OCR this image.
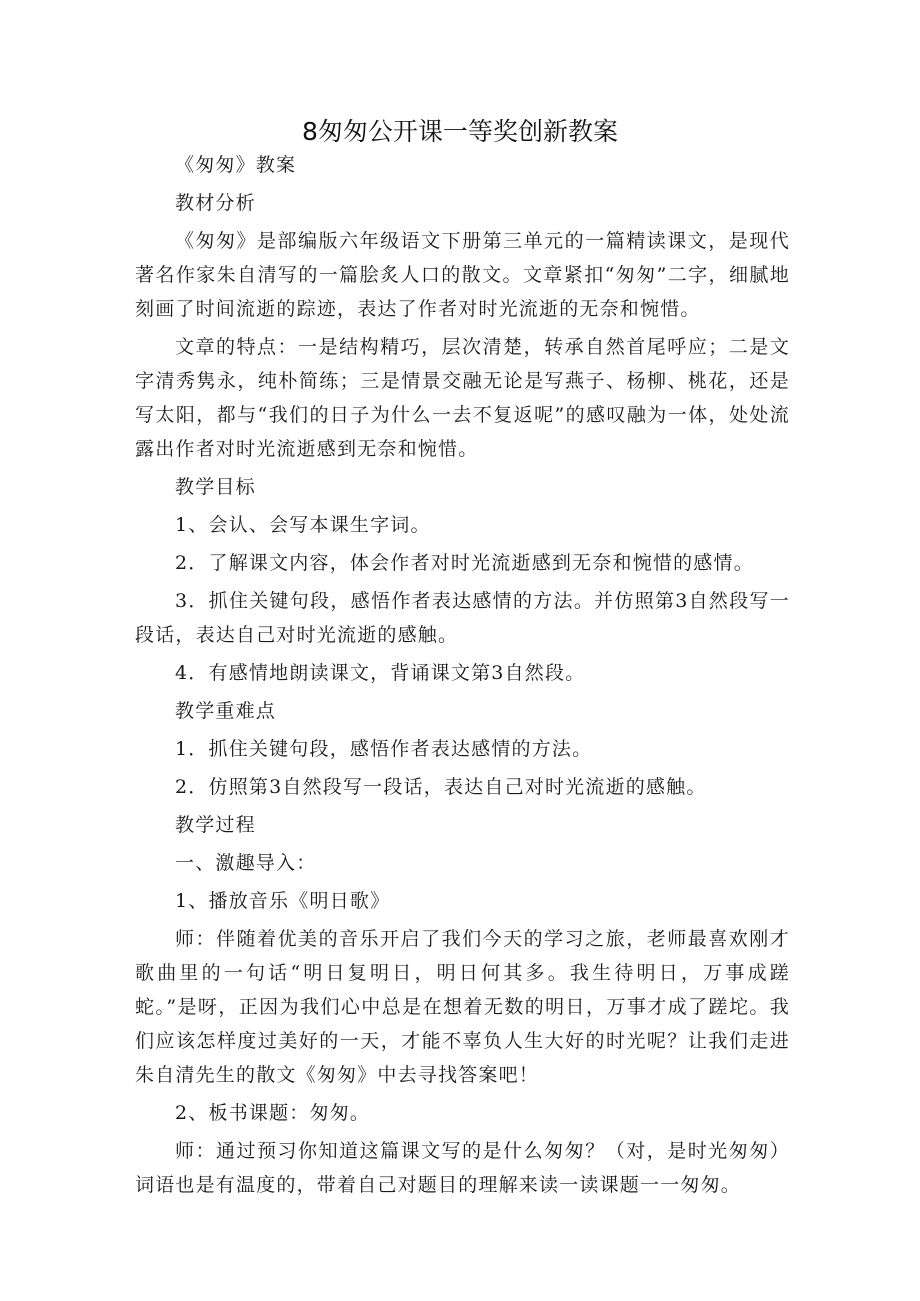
8匆匆公开课一等奖创新教案

《匆匆》教案

教材分析

《匆匆》是部编版六年级语文下册第三单元的一篇精读课文，是现代著名作家朱自清写的一篇脍炙人口的散文。文章紧扣“匆匆”二字，细腻地刻画了时间流逝的踪迹，表达了作者对时光流逝的无奈和惋惜。

文章的特点：一是结构精巧，层次清楚，转承自然首尾呼应；二是文字清秀隽永，纯朴简练；三是情景交融无论是写燕子、杨柳、桃花，还是写太阳，都与“我们的日子为什么一去不复返呢”的感叹融为一体，处处流露出作者对时光流逝感到无奈和惋惜。

教学目标

1、会认、会写本课生字词。

2．了解课文内容，体会作者对时光流逝感到无奈和惋惜的感情。

3．抓住关键句段，感悟作者表达感情的方法。并仿照第3自然段写一段话，表达自己对时光流逝的感触。

4．有感情地朗读课文，背诵课文第3自然段。

教学重难点

1．抓住关键句段，感悟作者表达感情的方法。

2．仿照第3自然段写一段话，表达自己对时光流逝的感触。

教学过程

一、激趣导入：

1、播放音乐《明日歌》

师：伴随着优美的音乐开启了我们今天的学习之旅，老师最喜欢刚才歌曲里的一句话“明日复明日，明日何其多。我生待明日，万事成蹉蛇。”是呀，正因为我们心中总是在想着无数的明日，万事才成了蹉坨。我们应该怎样度过美好的一天，才能不辜负人生大好的时光呢？让我们走进朱自清先生的散文《匆匆》中去寻找答案吧！

2、板书课题：匆匆。

师：通过预习你知道这篇课文写的是什么匆匆？（对，是时光匆匆）词语也是有温度的，带着自己对题目的理解来读一读课题一一匆匆。
